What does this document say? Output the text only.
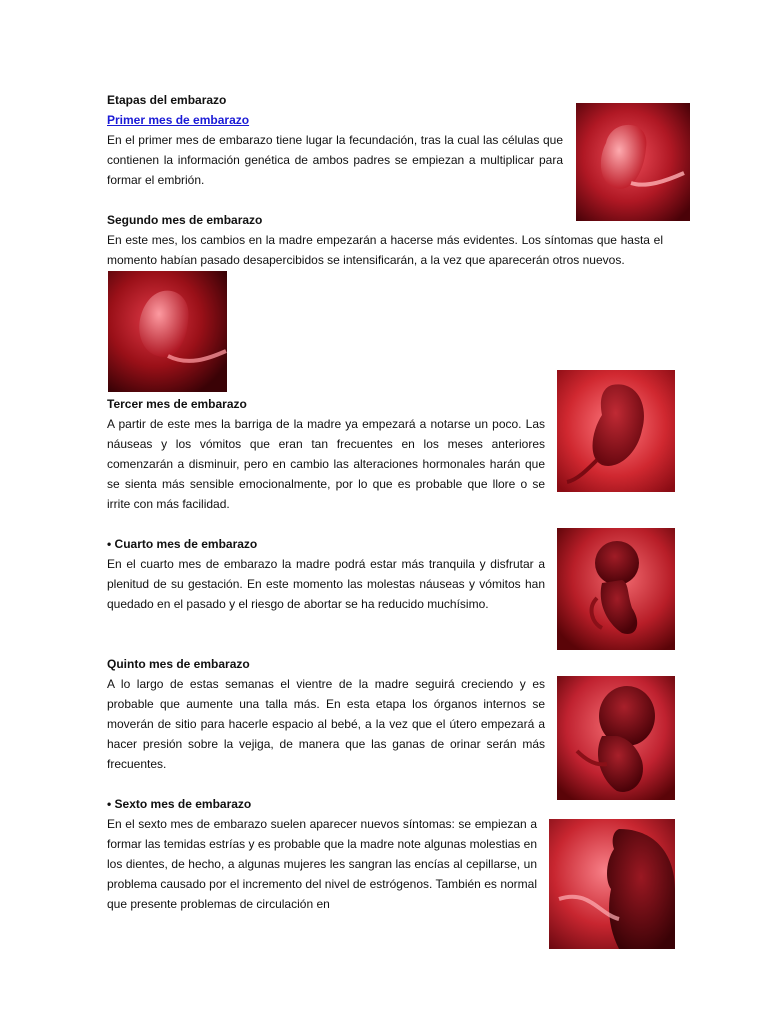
Etapas del embarazo
Primer mes de embarazo

En el primer mes de embarazo tiene lugar la fecundación, tras la cual las células que contienen la información genética de ambos padres se empiezan a multiplicar para formar el embrión.

Segundo mes de embarazo

En este mes, los cambios en la madre empezarán a hacerse más evidentes. Los síntomas que hasta el momento habían pasado desapercibidos se intensificarán, a la vez que aparecerán otros nuevos.

Tercer mes de embarazo

A partir de este mes la barriga de la madre ya empezará a notarse un poco. Las náuseas y los vómitos que eran tan frecuentes en los meses anteriores comenzarán a disminuir, pero en cambio las alteraciones hormonales harán que se sienta más sensible emocionalmente, por lo que es probable que llore o se irrite con más facilidad.

• Cuarto mes de embarazo

En el cuarto mes de embarazo la madre podrá estar más tranquila y disfrutar a plenitud de su gestación. En este momento las molestas náuseas y vómitos han quedado en el pasado y el riesgo de abortar se ha reducido muchísimo.

Quinto mes de embarazo

A lo largo de estas semanas el vientre de la madre seguirá creciendo y es probable que aumente una talla más. En esta etapa los órganos internos se moverán de sitio para hacerle espacio al bebé, a la vez que el útero empezará a hacer presión sobre la vejiga, de manera que las ganas de orinar serán más frecuentes.

• Sexto mes de embarazo

En el sexto mes de embarazo suelen aparecer nuevos síntomas: se empiezan a formar las temidas estrías y es probable que la madre note algunas molestias en los dientes, de hecho, a algunas mujeres les sangran las encías al cepillarse, un problema causado por el incremento del nivel de estrógenos. También es normal que presente problemas de circulación en
